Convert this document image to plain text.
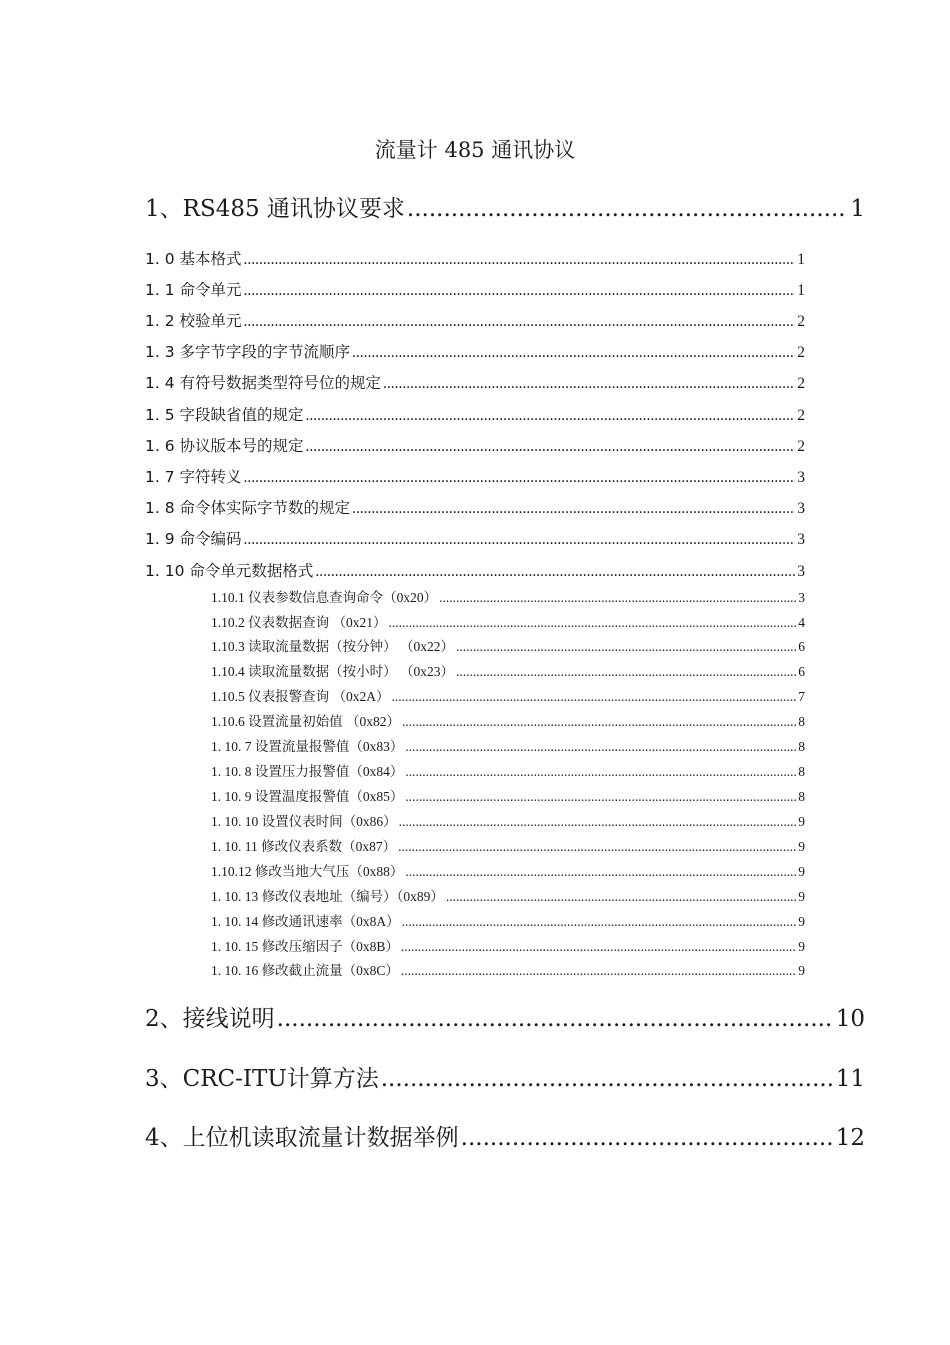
流量计 485 通讯协议
1、RS485 通讯协议要求 .....	1
1. 0 基本格式 .....	1
1. 1 命令单元 .....	1
1. 2 校验单元 .....	2
1. 3 多字节字段的字节流顺序 .....	2
1. 4 有符号数据类型符号位的规定 .....	2
1. 5 字段缺省值的规定 .....	2
1. 6 协议版本号的规定 .....	2
1. 7 字符转义 .....	3
1. 8 命令体实际字节数的规定 .....	3
1. 9 命令编码 .....	3
1. 10 命令单元数据格式 .....	3
1.10.1 仪表参数信息查询命令（0x20） .....	3
1.10.2 仪表数据查询 （0x21） .....	4
1.10.3 读取流量数据（按分钟） （0x22） .....	6
1.10.4 读取流量数据（按小时） （0x23） .....	6
1.10.5 仪表报警查询 （0x2A） .....	7
1.10.6 设置流量初始值 （0x82） .....	8
1. 10. 7 设置流量报警值（0x83） .....	8
1. 10. 8 设置压力报警值（0x84） .....	8
1. 10. 9 设置温度报警值（0x85） .....	8
1. 10. 10 设置仪表时间（0x86） .....	9
1. 10. 11 修改仪表系数（0x87） .....	9
1.10.12 修改当地大气压（0x88） .....	9
1. 10. 13 修改仪表地址（编号）（0x89） .....	9
1. 10. 14 修改通讯速率（0x8A） .....	9
1. 10. 15 修改压缩因子（0x8B） .....	9
1. 10. 16 修改截止流量（0x8C） .....	9
2、接线说明 .....	10
3、CRC-ITU计算方法 .....	11
4、上位机读取流量计数据举例 .....	12
